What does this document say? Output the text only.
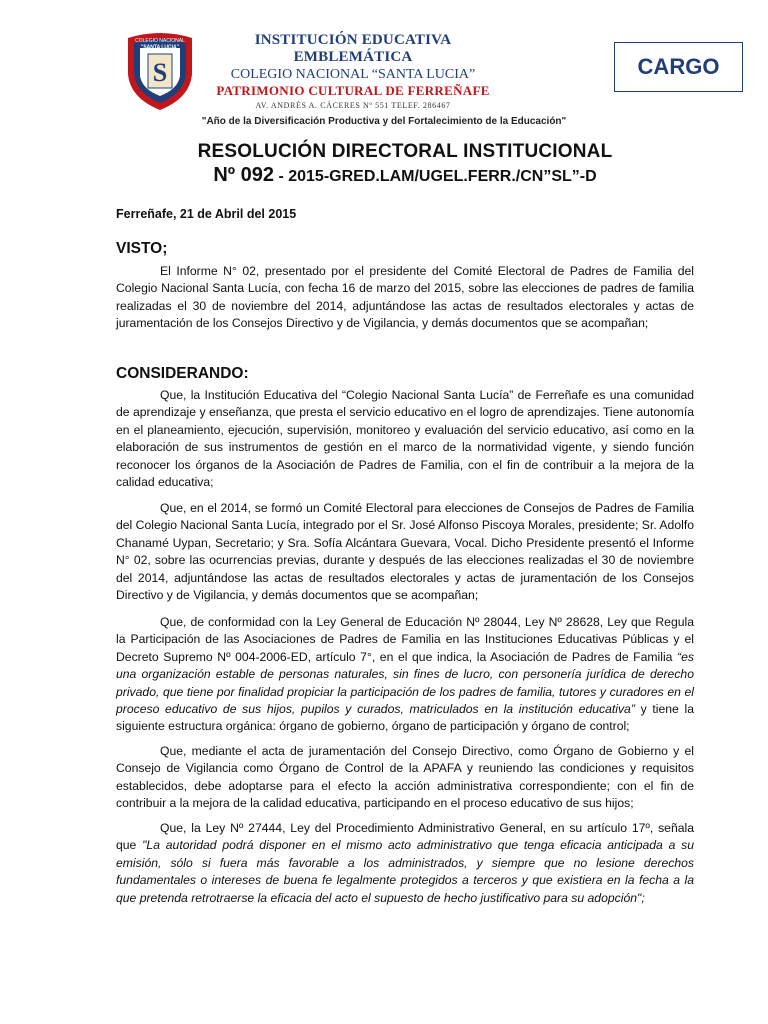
COLEGIO NACIONAL
"SANTA LUCIA"
S
INSTITUCIÓN EDUCATIVA EMBLEMÁTICA
COLEGIO NACIONAL “SANTA LUCIA”
PATRIMONIO CULTURAL DE FERREÑAFE
AV. ANDRÉS A. CÁCERES Nº 551 TELEF. 286467
CARGO
"Año de la Diversificación Productiva y del Fortalecimiento de la Educación"
RESOLUCIÓN DIRECTORAL INSTITUCIONAL
Nº 092 - 2015-GRED.LAM/UGEL.FERR./CN”SL”-D
Ferreñafe, 21 de Abril del 2015
VISTO;

El Informe N° 02, presentado por el presidente del Comité Electoral de Padres de Familia del Colegio Nacional Santa Lucía, con fecha 16 de marzo del 2015, sobre las elecciones de padres de familia realizadas el 30 de noviembre del 2014, adjuntándose las actas de resultados electorales y actas de juramentación de los Consejos Directivo y de Vigilancia, y demás documentos que se acompañan;

CONSIDERANDO:

Que, la Institución Educativa del “Colegio Nacional Santa Lucía” de Ferreñafe es una comunidad de aprendizaje y enseñanza, que presta el servicio educativo en el logro de aprendizajes. Tiene autonomía en el planeamiento, ejecución, supervisión, monitoreo y evaluación del servicio educativo, así como en la elaboración de sus instrumentos de gestión en el marco de la normatividad vigente, y siendo función reconocer los órganos de la Asociación de Padres de Familia, con el fin de contribuir a la mejora de la calidad educativa;

Que, en el 2014, se formó un Comité Electoral para elecciones de Consejos de Padres de Familia del Colegio Nacional Santa Lucía, integrado por el Sr. José Alfonso Piscoya Morales, presidente; Sr. Adolfo Chanamé Uypan, Secretario; y Sra. Sofía Alcántara Guevara, Vocal. Dicho Presidente presentó el Informe N° 02, sobre las ocurrencias previas, durante y después de las elecciones realizadas el 30 de noviembre del 2014, adjuntándose las actas de resultados electorales y actas de juramentación de los Consejos Directivo y de Vigilancia, y demás documentos que se acompañan;

Que, de conformidad con la Ley General de Educación Nº 28044, Ley Nº 28628, Ley que Regula la Participación de las Asociaciones de Padres de Familia en las Instituciones Educativas Públicas y el Decreto Supremo Nº 004-2006-ED, artículo 7°, en el que indica, la Asociación de Padres de Familia “es una organización estable de personas naturales, sin fines de lucro, con personería jurídica de derecho privado, que tiene por finalidad propiciar la participación de los padres de familia, tutores y curadores en el proceso educativo de sus hijos, pupilos y curados, matriculados en la institución educativa” y tiene la siguiente estructura orgánica: órgano de gobierno, órgano de participación y órgano de control;

Que, mediante el acta de juramentación del Consejo Directivo, como Órgano de Gobierno y el Consejo de Vigilancia como Órgano de Control de la APAFA y reuniendo las condiciones y requisitos establecidos, debe adoptarse para el efecto la acción administrativa correspondiente; con el fin de contribuir a la mejora de la calidad educativa, participando en el proceso educativo de sus hijos;

Que, la Ley Nº 27444, Ley del Procedimiento Administrativo General, en su artículo 17º, señala que "La autoridad podrá disponer en el mismo acto administrativo que tenga eficacia anticipada a su emisión, sólo si fuera más favorable a los administrados, y siempre que no lesione derechos fundamentales o intereses de buena fe legalmente protegidos a terceros y que existiera en la fecha a la que pretenda retrotraerse la eficacia del acto el supuesto de hecho justificativo para su adopción";
